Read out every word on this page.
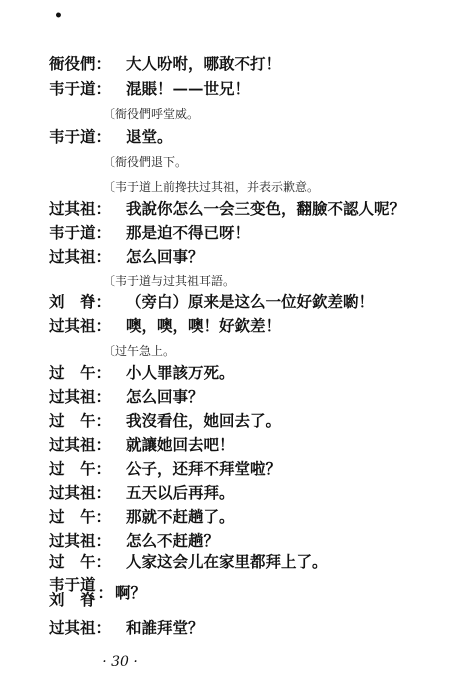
•
衙役們： 大人吩咐，哪敢不打！
韦于道： 混賬！——世兄！
〔衙役們呼堂威。
韦于道： 退堂。
〔衙役們退下。
〔韦于道上前搀扶过其祖，并表示歉意。
过其祖： 我說你怎么一会三变色，翻臉不認人呢？
韦于道： 那是迫不得已呀！
过其祖： 怎么回事？
〔韦于道与过其祖耳語。
刘　脊： （旁白）原来是这么一位好欽差喲！
过其祖： 噢，噢，噢！好欽差！
〔过午急上。
过　午： 小人罪該万死。
过其祖： 怎么回事？
过　午： 我沒看住，她回去了。
过其祖： 就讓她回去吧！
过　午： 公子，还拜不拜堂啦？
过其祖： 五天以后再拜。
过　午： 那就不赶趟了。
过其祖： 怎么不赶趟？
过　午： 人家这会儿在家里都拜上了。
韦于道
刘　脊 ： 啊？
过其祖： 和誰拜堂？
· 30 ·
